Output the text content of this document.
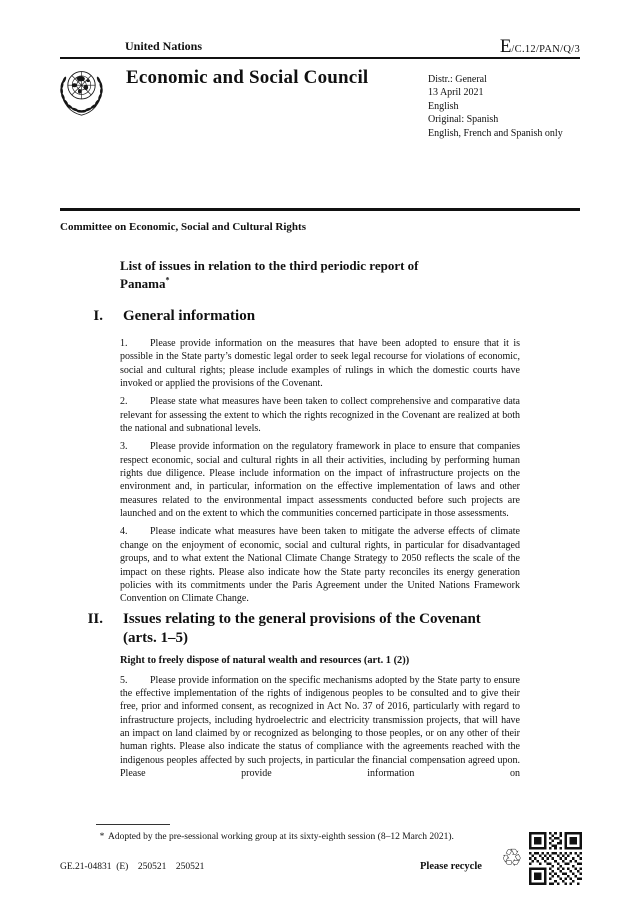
United Nations	E/C.12/PAN/Q/3
Economic and Social Council	Distr.: General
13 April 2021
English
Original: Spanish
English, French and Spanish only
Committee on Economic, Social and Cultural Rights
List of issues in relation to the third periodic report of
Panama*
I. General information

1. Please provide information on the measures that have been adopted to ensure that it is possible in the State party’s domestic legal order to seek legal recourse for violations of economic, social and cultural rights; please include examples of rulings in which the domestic courts have invoked or applied the provisions of the Covenant.

2. Please state what measures have been taken to collect comprehensive and comparative data relevant for assessing the extent to which the rights recognized in the Covenant are realized at both the national and subnational levels.

3. Please provide information on the regulatory framework in place to ensure that companies respect economic, social and cultural rights in all their activities, including by performing human rights due diligence. Please include information on the impact of infrastructure projects on the environment and, in particular, information on the effective implementation of laws and other measures related to the environmental impact assessments conducted before such projects are launched and on the extent to which the communities concerned participate in those assessments.

4. Please indicate what measures have been taken to mitigate the adverse effects of climate change on the enjoyment of economic, social and cultural rights, in particular for disadvantaged groups, and to what extent the National Climate Change Strategy to 2050 reflects the scale of the impact on these rights. Please also indicate how the State party reconciles its energy generation policies with its commitments under the Paris Agreement under the United Nations Framework Convention on Climate Change.

II. Issues relating to the general provisions of the Covenant
(arts. 1–5)
Right to freely dispose of natural wealth and resources (art. 1 (2))

5. Please provide information on the specific mechanisms adopted by the State party to ensure the effective implementation of the rights of indigenous peoples to be consulted and to give their free, prior and informed consent, as recognized in Act No. 37 of 2016, particularly with regard to infrastructure projects, including hydroelectric and electricity transmission projects, that will have an impact on land claimed by or recognized as belonging to those peoples, or on any other of their human rights. Please also indicate the status of compliance with the agreements reached with the indigenous peoples affected by such projects, in particular the financial compensation agreed upon. Please provide information on

* Adopted by the pre-sessional working group at its sixty-eighth session (8–12 March 2021).
GE.21-04831  (E)    250521    250521	Please recycle ♲
